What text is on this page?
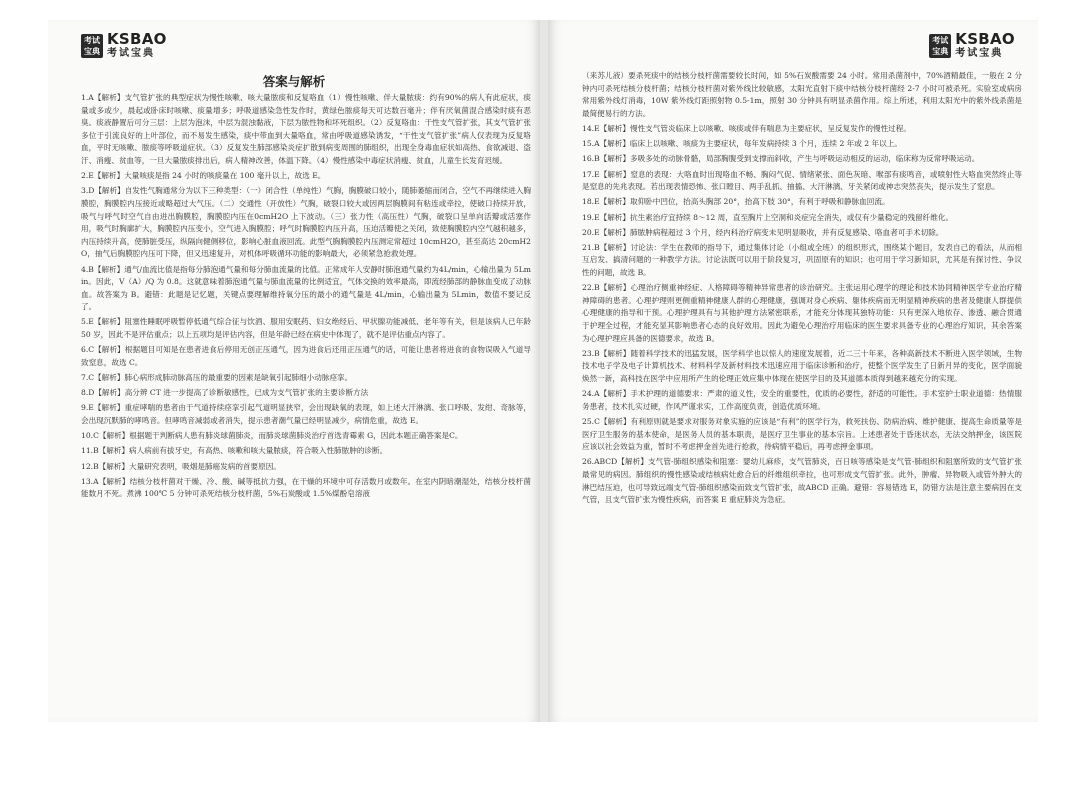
考试
宝典
KSBAO
考试宝典
答案与解析

1.A【解析】支气管扩张的典型症状为慢性咳嗽、咳大量脓痰和反复咯血（1）慢性咳嗽、伴大量脓痰：约有90%的病人有此症状，痰量或多或少，晨起或卧床时咳嗽、痰量增多；呼吸道感染急性发作时，黄绿色脓痰每天可达数百毫升；伴有厌氧菌混合感染时痰有恶臭。痰液静置后可分三层：上层为泡沫，中层为混浊黏液，下层为脓性物和坏死组织。（2）反复咯血：干性支气管扩张，其支气管扩张多位于引流良好的上叶部位，而不易发生感染，痰中带血到大量咯血，常由呼吸道感染诱发，“干性支气管扩张”病人仅表现为反复咯血，平时无咳嗽、脓痰等呼吸道症状。（3）反复发生肺部感染炎症扩散到病变周围的肺组织，出现全身毒血症状如高热、食欲减退、盗汗、消瘦、贫血等，一旦大量脓痰排出后，病人精神改善，体温下降。（4）慢性感染中毒症状消瘦、贫血，儿童生长发育迟缓。

2.E【解析】大量咳痰是指 24 小时的咳痰量在 100 毫升以上，故选 E。

3.D【解析】自发性气胸通常分为以下三种类型：（一）闭合性（单纯性）气胸，胸膜破口较小，随肺萎缩而闭合，空气不再继续进入胸膜腔，胸膜腔内压接近或略超过大气压。（二）交通性（开放性）气胸，破裂口较大或因两层胸膜间有粘连或牵拉，使破口持续开放，吸气与呼气时空气自由进出胸膜腔，胸膜腔内压在0cmH2O 上下波动。（三）张力性（高压性）气胸，破裂口呈单向活瓣或活塞作用，吸气时胸廓扩大，胸膜腔内压变小，空气进入胸膜腔；呼气时胸膜腔内压升高，压迫活瓣使之关闭，致使胸膜腔内空气越积越多，内压持续升高，使肺脏受压，纵隔向健侧移位，影响心脏血液回流。此型气胸胸膜腔内压测定常超过 10cmH2O，甚至高达 20cmH2O，抽气后胸膜腔内压可下降，但又迅速复升，对机体呼吸循环功能的影响最大，必须紧急抢救处理。

4.B【解析】通气/血流比值是指每分肺泡通气量和每分肺血流量的比值。正常成年人安静时肺泡通气量约为4L/min，心输出量为 5Lmin。因此，V（A）/Q 为 0.8。这就意味着肺泡通气量与肺血流量的比例适宜，气体交换的效率最高，即流经肺部的静脉血变成了动脉血。故答案为 B。避错：此题是记忆题，关键点要理解维持氧分压的最小的通气量是 4L/min，心输出量为 5Lmin，数值不要记反了。

5.E【解析】阻塞性睡眠呼吸暂停低通气综合征与饮酒、服用安眠药、妇女绝经后、甲状腺功能减低、老年等有关，但是该病人已年龄 50 岁，因此不是评估重点；以上五项均是评估内容，但是年龄已经在病史中体现了，就不是评估重点内容了。

6.C【解析】根据题目可知是在患者进食后停用无创正压通气，因为进食后还用正压通气的话，可能让患者将进食的食物误吸入气道导致窒息，故选 C。

7.C【解析】肺心病形成肺动脉高压的最重要的因素是缺氧引起肺细小动脉痉挛。

8.D【解析】高分辨 CT 进一步提高了诊断敏感性，已成为支气管扩张的主要诊断方法

9.E【解析】重症哮喘的患者由于气道持续痉挛引起气道明显狭窄，会出现缺氧的表现，如上述大汗淋漓、张口呼吸、发绀、奇脉等，会出现沉默肺的哮鸣音。但哮鸣音减弱或者消失，提示患者潮气量已经明显减少，病情危重，故选 E。

10.C【解析】根据题干判断病人患有肺炎球菌肺炎，而肺炎球菌肺炎治疗首选青霉素 G，因此本题正确答案是C。

11.B【解析】病人病前有拔牙史，有高热、咳嗽和咳大量脓痰，符合吸入性肺脓肿的诊断。

12.B【解析】大量研究表明，吸烟是肺癌发病的首要原因。

13.A【解析】结核分枝杆菌对干燥、冷、酸、碱等抵抗力强，在干燥的环境中可存活数月或数年。在室内阴暗潮湿处，结核分枝杆菌能数月不死。煮沸 100℃ 5 分钟可杀死结核分枝杆菌，5%石炭酸或 1.5%煤酚皂溶液

考试
宝典
KSBAO
考试宝典

（来苏儿液）要杀死痰中的结核分枝杆菌需要较长时间，如 5%石炭酸需要 24 小时。常用杀菌剂中，70%酒精最佳，一般在 2 分钟内可杀死结核分枝杆菌；结核分枝杆菌对紫外线比较敏感，太阳光直射下痰中结核分枝杆菌经 2-7 小时可被杀死。实验室或病房常用紫外线灯消毒，10W 紫外线灯距照射物 0.5-1m，照射 30 分钟具有明显杀菌作用。综上所述，利用太阳光中的紫外线杀菌是最简便易行的方法。

14.E【解析】慢性支气管炎临床上以咳嗽、咳痰或伴有喘息为主要症状，呈反复发作的慢性过程。

15.A【解析】临床上以咳嗽、咳痰为主要症状，每年发病持续 3 个月，连续 2 年或 2 年以上。

16.B【解析】多吸多处的动脉骨骼，局部胸腹受到支撑而斜收，产生与呼吸运动相反的运动，临床称为反常呼吸运动。

17.E【解析】窒息的表现：大咯血时出现咯血不畅、胸闷气促、情绪紧张、面色灰暗、喉部有痰鸣音，或喷射性大咯血突然终止等是窒息的先兆表现。若出现表情恐怖、张口瞠目、两手乱抓、抽搐、大汗淋漓、牙关紧闭或神志突然丧失，提示发生了窒息。

18.E【解析】取仰卧中凹位，抬高头胸部 20°，抬高下肢 30°，有利于呼吸和静脉血回流。

19.E【解析】抗生素治疗宜持续 8～12 周，直至胸片上空洞和炎症完全消失，或仅有少量稳定的残留纤维化。

20.E【解析】肺脓肿病程超过 3 个月，经内科治疗病变未见明显吸收，并有反复感染、咯血者可手术切除。

21.B【解析】讨论法：学生在教师的指导下，通过集体讨论（小组或全班）的组织形式，围绕某个题目，发表自己的看法，从而相互启发、搞清问题的一种教学方法。讨论法既可以用于阶段复习，巩固原有的知识；也可用于学习新知识，尤其是有探讨性、争议性的问题，故选 B。

22.B【解析】心理治疗侧重神经症、人格障碍等精神异常患者的诊治研究。主张运用心理学的理论和技术协同精神医学专业治疗精神障碍的患者。心理护理则更侧重精神健康人群的心理健康，强调对身心疾病、躯体疾病而无明显精神疾病的患者及健康人群提供心理健康的指导和干预。心理护理具有与其他护理方法紧密联系，才能充分体现其独特功能：只有更深入地依存、渗透、融合贯通于护理全过程，才能充显其影响患者心态的良好效用。因此为避免心理治疗用临床的医生要求具备专业的心理治疗知识，其余答案为心理护理应具备的医德要求，故选 B。

23.B【解析】随着科学技术的迅猛发展，医学科学也以惊人的速度发展着，近二三十年来，各种高新技术不断进入医学领域，生物技术电子学及电子计算机技术、材料科学及新材料技术迅速应用于临床诊断和治疗，使整个医学发生了日新月异的变化，医学面貌焕然一新，高科技在医学中应用所产生的伦理正效应集中体现在使医学目的及其道德本质得到越来越充分的实现。

24.A【解析】手术护理的道德要求：严肃的道义性，安全的重要性，优质的必要性，舒适的可能性。手术室护士职业道德：热情服务患者，技术扎实过硬，作风严谨求实，工作高度负责，创造优质环境。

25.C【解析】有利原则就是要求对服务对象实施的应该是“有利”的医学行为，救死扶伤、防病治病、维护健康、提高生命质量等是医疗卫生服务的基本使命，是医务人员的基本职责，是医疗卫生事业的基本宗旨。上述患者处于昏迷状态，无法交纳押金，该医院应该以社会效益为重，暂时不考虑押金首先进行抢救，待病情平稳后，再考虑押金事项。

26.ABCD【解析】支气管-肺组织感染和阻塞：婴幼儿麻疹，支气管肺炎，百日咳等感染是支气管-肺组织和阻塞所致的支气管扩张最常见的病因。肺组织的慢性感染或结核病灶愈合后的纤维组织牵拉，也可形成支气管扩张。此外，肿瘤、异物吸入或管外肿大的淋巴结压迫，也可导致远端支气管-肺组织感染而致支气管扩张，故ABCD 正确。避错：容易错选 E，防错方法是注意主要病因在支气管，且支气管扩张为慢性疾病，而答案 E 重症肺炎为急症。
